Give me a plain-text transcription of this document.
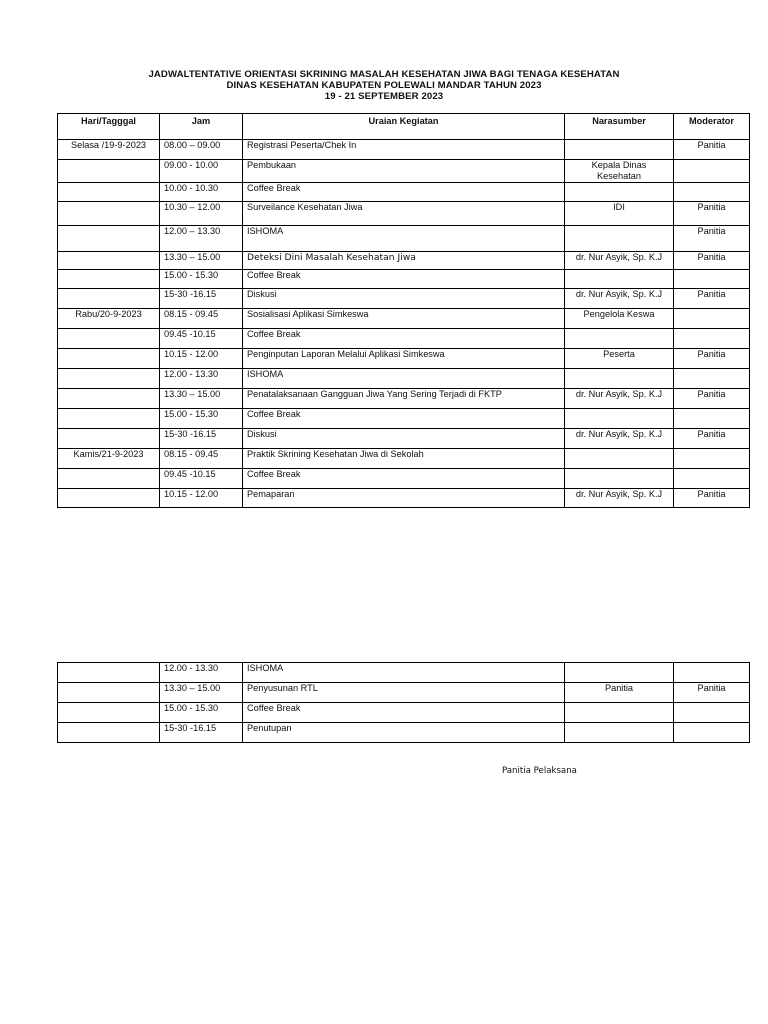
JADWALTENTATIVE ORIENTASI SKRINING MASALAH KESEHATAN JIWA BAGI TENAGA KESEHATAN
DINAS KESEHATAN KABUPATEN POLEWALI MANDAR TAHUN 2023
19 - 21 SEPTEMBER 2023
Hari/Tagggal	Jam	Uraian Kegiatan	Narasumber	Moderator
Selasa /19-9-2023	08.00 – 09.00	Registrasi Peserta/Chek In		Panitia
	09.00 - 10.00	Pembukaan	Kepala Dinas Kesehatan	
	10.00 - 10.30	Coffee Break		
	10.30 – 12.00	Surveilance Kesehatan Jiwa	IDI	Panitia
	12.00 – 13.30	ISHOMA		Panitia
	13.30 – 15.00	Deteksi Dini Masalah Kesehatan Jiwa	dr. Nur Asyik, Sp. K.J	Panitia
	15.00 - 15.30	Coffee Break		
	15-30 -16.15	Diskusi	dr. Nur Asyik, Sp. K.J	Panitia
Rabu/20-9-2023	08.15 - 09.45	Sosialisasi Aplikasi Simkeswa	Pengelola Keswa	
	09.45 -10.15	Coffee Break		
	10.15 - 12.00	Penginputan Laporan Melalui Aplikasi Simkeswa	Peserta	Panitia
	12.00 - 13.30	ISHOMA		
	13.30 – 15.00	Penatalaksanaan Gangguan Jiwa Yang Sering Terjadi di FKTP	dr. Nur Asyik, Sp. K.J	Panitia
	15.00 - 15.30	Coffee Break		
	15-30 -16.15	Diskusi	dr. Nur Asyik, Sp. K.J	Panitia
Kamis/21-9-2023	08.15 - 09.45	Praktik Skrining Kesehatan Jiwa di Sekolah		
	09.45 -10.15	Coffee Break		
	10.15 - 12.00	Pemaparan	dr. Nur Asyik, Sp. K.J	Panitia
	12.00 - 13.30	ISHOMA		
	13.30 – 15.00	Penyusunan RTL	Panitia	Panitia
	15.00 - 15.30	Coffee Break		
	15-30 -16.15	Penutupan		
Panitia Pelaksana
